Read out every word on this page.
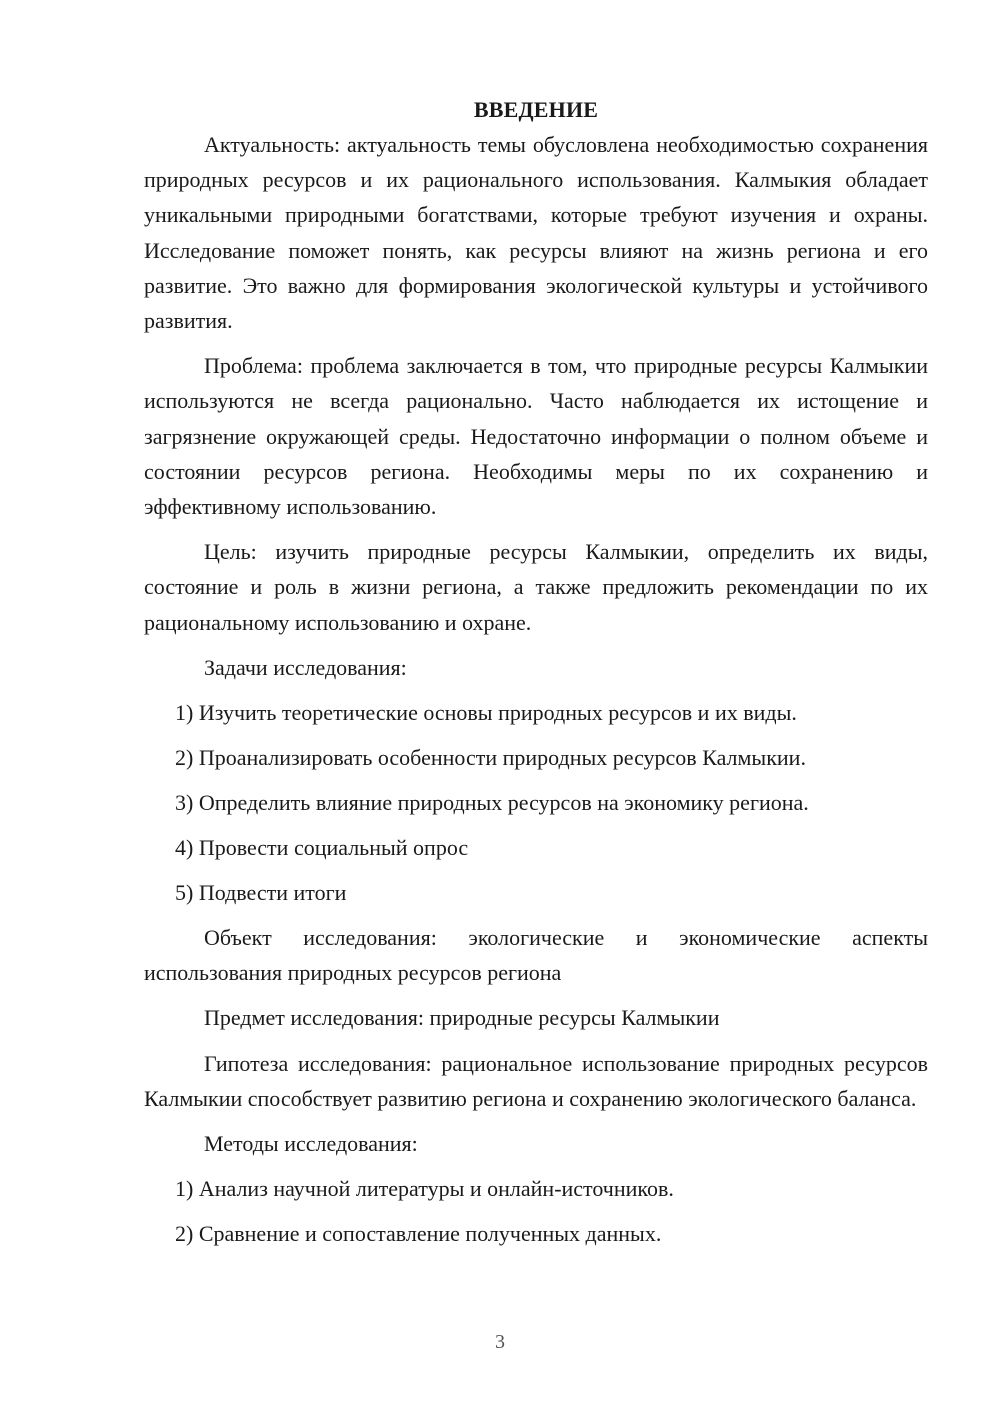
ВВЕДЕНИЕ

Актуальность: актуальность темы обусловлена необходимостью сохранения природных ресурсов и их рационального использования. Калмыкия обладает уникальными природными богатствами, которые требуют изучения и охраны. Исследование поможет понять, как ресурсы влияют на жизнь региона и его развитие. Это важно для формирования экологической культуры и устойчивого развития.

Проблема: проблема заключается в том, что природные ресурсы Калмыкии используются не всегда рационально. Часто наблюдается их истощение и загрязнение окружающей среды. Недостаточно информации о полном объеме и состоянии ресурсов региона. Необходимы меры по их сохранению и эффективному использованию.

Цель: изучить природные ресурсы Калмыкии, определить их виды, состояние и роль в жизни региона, а также предложить рекомендации по их рациональному использованию и охране.

Задачи исследования:

1) Изучить теоретические основы природных ресурсов и их виды.
2) Проанализировать особенности природных ресурсов Калмыкии.
3) Определить влияние природных ресурсов на экономику региона.
4) Провести социальный опрос
5) Подвести итоги

Объект исследования: экологические и экономические аспекты использования природных ресурсов региона

Предмет исследования: природные ресурсы Калмыкии

Гипотеза исследования: рациональное использование природных ресурсов Калмыкии способствует развитию региона и сохранению экологического баланса.

Методы исследования:

1) Анализ научной литературы и онлайн-источников.
2) Сравнение и сопоставление полученных данных.
3
